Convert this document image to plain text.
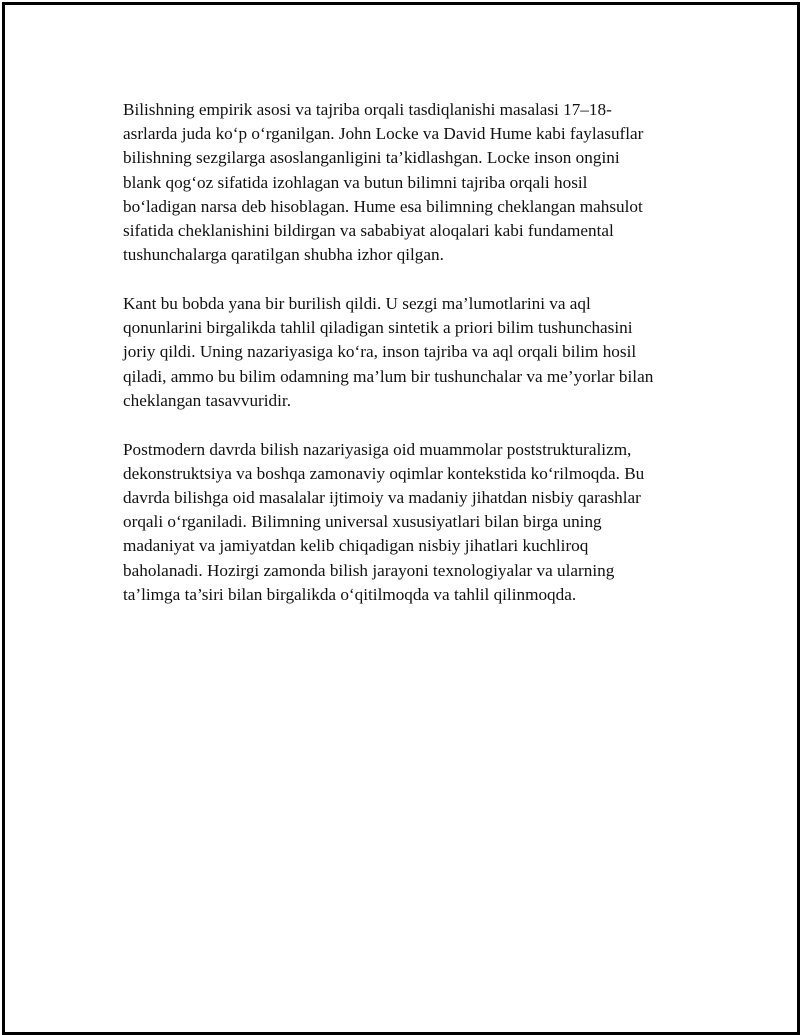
Bilishning empirik asosi va tajriba orqali tasdiqlanishi masalasi 17–18-
asrlarda juda ko‘p o‘rganilgan. John Locke va David Hume kabi faylasuflar
bilishning sezgilarga asoslanganligini ta’kidlashgan. Locke inson ongini
blank qog‘oz sifatida izohlagan va butun bilimni tajriba orqali hosil
bo‘ladigan narsa deb hisoblagan. Hume esa bilimning cheklangan mahsulot
sifatida cheklanishini bildirgan va sababiyat aloqalari kabi fundamental
tushunchalarga qaratilgan shubha izhor qilgan.

Kant bu bobda yana bir burilish qildi. U sezgi ma’lumotlarini va aql
qonunlarini birgalikda tahlil qiladigan sintetik a priori bilim tushunchasini
joriy qildi. Uning nazariyasiga ko‘ra, inson tajriba va aql orqali bilim hosil
qiladi, ammo bu bilim odamning ma’lum bir tushunchalar va me’yorlar bilan
cheklangan tasavvuridir.

Postmodern davrda bilish nazariyasiga oid muammolar poststrukturalizm,
dekonstruktsiya va boshqa zamonaviy oqimlar kontekstida ko‘rilmoqda. Bu
davrda bilishga oid masalalar ijtimoiy va madaniy jihatdan nisbiy qarashlar
orqali o‘rganiladi. Bilimning universal xususiyatlari bilan birga uning
madaniyat va jamiyatdan kelib chiqadigan nisbiy jihatlari kuchliroq
baholanadi. Hozirgi zamonda bilish jarayoni texnologiyalar va ularning
ta’limga ta’siri bilan birgalikda o‘qitilmoqda va tahlil qilinmoqda.
